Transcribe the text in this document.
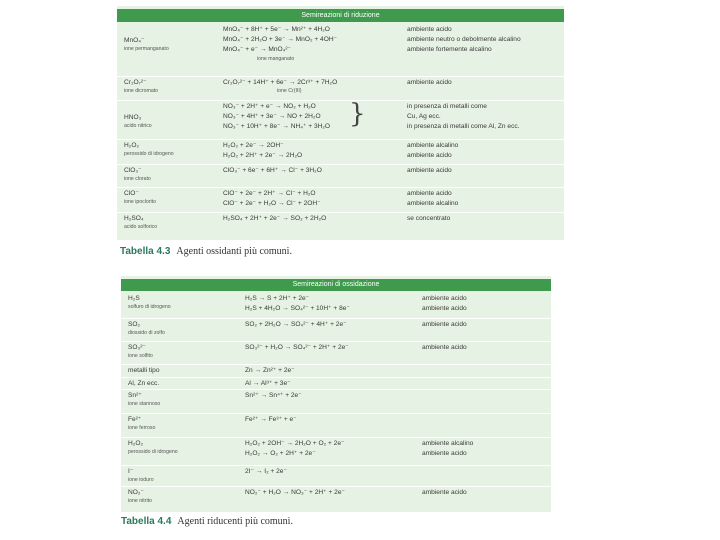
Semireazioni di riduzione
MnO₄⁻
ione permanganato
MnO₄⁻ + 8H⁺ + 5e⁻ → Mn²⁺ + 4H₂O	ambiente acido
MnO₄⁻ + 2H₂O + 3e⁻ → MnO₂ + 4OH⁻	ambiente neutro o debolmente alcalino
MnO₄⁻ + e⁻ → MnO₄²⁻	ambiente fortemente alcalino
ione manganato
Cr₂O₇²⁻
ione dicromato
Cr₂O₇²⁻ + 14H⁺ + 6e⁻ → 2Cr³⁺ + 7H₂O	ambiente acido
ione Cr(III)
HNO₃
acido nitrico
NO₃⁻ + 2H⁺ + e⁻ → NO₂ + H₂O	in presenza di metalli come
NO₃⁻ + 4H⁺ + 3e⁻ → NO + 2H₂O	Cu, Ag ecc.
NO₃⁻ + 10H⁺ + 8e⁻ → NH₄⁺ + 3H₂O	in presenza di metalli come Al, Zn ecc.
}
H₂O₂
perossido di idrogeno
H₂O₂ + 2e⁻ → 2OH⁻	ambiente alcalino
H₂O₂ + 2H⁺ + 2e⁻ → 2H₂O	ambiente acido
ClO₃⁻
ione clorato
ClO₃⁻ + 6e⁻ + 6H⁺ → Cl⁻ + 3H₂O	ambiente acido
ClO⁻
ione ipoclorito
ClO⁻ + 2e⁻ + 2H⁺ → Cl⁻ + H₂O	ambiente acido
ClO⁻ + 2e⁻ + H₂O → Cl⁻ + 2OH⁻	ambiente alcalino
H₂SO₄
acido solforico
H₂SO₄ + 2H⁺ + 2e⁻ → SO₂ + 2H₂O	se concentrato
Tabella 4.3 Agenti ossidanti più comuni.
Semireazioni di ossidazione
H₂S
solfuro di idrogeno
H₂S → S + 2H⁺ + 2e⁻	ambiente acido
H₂S + 4H₂O → SO₄²⁻ + 10H⁺ + 8e⁻	ambiente acido
SO₂
diossido di zolfo
SO₂ + 2H₂O → SO₄²⁻ + 4H⁺ + 2e⁻	ambiente acido
SO₃²⁻
ione solfito
SO₃²⁻ + H₂O → SO₄²⁻ + 2H⁺ + 2e⁻	ambiente acido
metalli tipo	Zn → Zn²⁺ + 2e⁻
Al, Zn ecc.	Al → Al³⁺ + 3e⁻
Sn²⁺
ione stannoso
Sn²⁺ → Sn⁴⁺ + 2e⁻
Fe²⁺
ione ferroso
Fe²⁺ → Fe³⁺ + e⁻
H₂O₂
perossido di idrogeno
H₂O₂ + 2OH⁻ → 2H₂O + O₂ + 2e⁻	ambiente alcalino
H₂O₂ → O₂ + 2H⁺ + 2e⁻	ambiente acido
I⁻
ione ioduro
2I⁻ → I₂ + 2e⁻
NO₂⁻
ione nitrito
NO₂⁻ + H₂O → NO₃⁻ + 2H⁺ + 2e⁻	ambiente acido
Tabella 4.4 Agenti riducenti più comuni.
